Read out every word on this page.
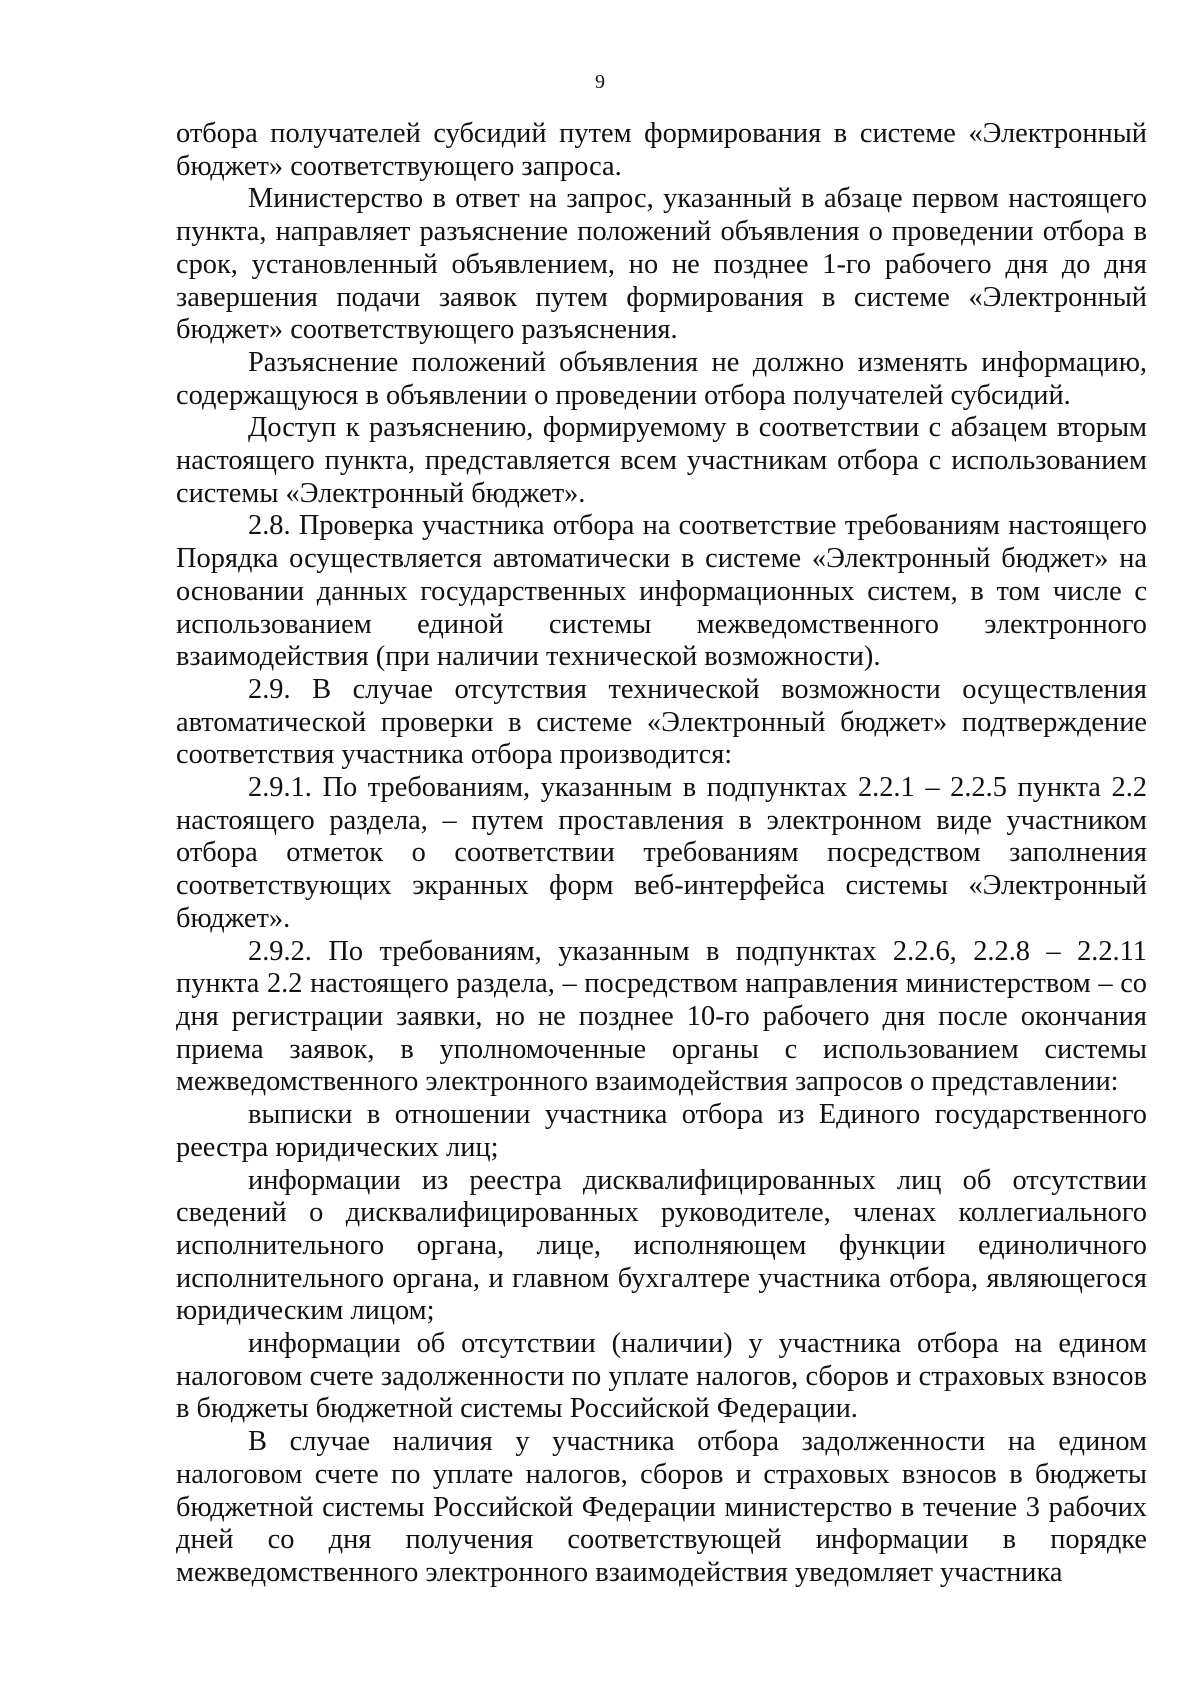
9

отбора получателей субсидий путем формирования в системе «Электронный бюджет» соответствующего запроса.

Министерство в ответ на запрос, указанный в абзаце первом настоящего пункта, направляет разъяснение положений объявления о проведении отбора в срок, установленный объявлением, но не позднее 1-го рабочего дня до дня завершения подачи заявок путем формирования в системе «Электронный бюджет» соответствующего разъяснения.

Разъяснение положений объявления не должно изменять информацию, содержащуюся в объявлении о проведении отбора получателей субсидий.

Доступ к разъяснению, формируемому в соответствии с абзацем вторым настоящего пункта, представляется всем участникам отбора с использованием системы «Электронный бюджет».

2.8. Проверка участника отбора на соответствие требованиям настоящего Порядка осуществляется автоматически в системе «Электронный бюджет» на основании данных государственных информационных систем, в том числе с использованием единой системы межведомственного электронного взаимодействия (при наличии технической возможности).

2.9. В случае отсутствия технической возможности осуществления автоматической проверки в системе «Электронный бюджет» подтверждение соответствия участника отбора производится:

2.9.1. По требованиям, указанным в подпунктах 2.2.1 – 2.2.5 пункта 2.2 настоящего раздела, – путем проставления в электронном виде участником отбора отметок о соответствии требованиям посредством заполнения соответствующих экранных форм веб-интерфейса системы «Электронный бюджет».

2.9.2. По требованиям, указанным в подпунктах 2.2.6, 2.2.8 – 2.2.11 пункта 2.2 настоящего раздела, – посредством направления министерством – со дня регистрации заявки, но не позднее 10-го рабочего дня после окончания приема заявок, в уполномоченные органы с использованием системы межведомственного электронного взаимодействия запросов о представлении:

выписки в отношении участника отбора из Единого государственного реестра юридических лиц;

информации из реестра дисквалифицированных лиц об отсутствии сведений о дисквалифицированных руководителе, членах коллегиального исполнительного органа, лице, исполняющем функции единоличного исполнительного органа, и главном бухгалтере участника отбора, являющегося юридическим лицом;

информации об отсутствии (наличии) у участника отбора на едином налоговом счете задолженности по уплате налогов, сборов и страховых взносов в бюджеты бюджетной системы Российской Федерации.

В случае наличия у участника отбора задолженности на едином налоговом счете по уплате налогов, сборов и страховых взносов в бюджеты бюджетной системы Российской Федерации министерство в течение 3 рабочих дней со дня получения соответствующей информации в порядке межведомственного электронного взаимодействия уведомляет участника
